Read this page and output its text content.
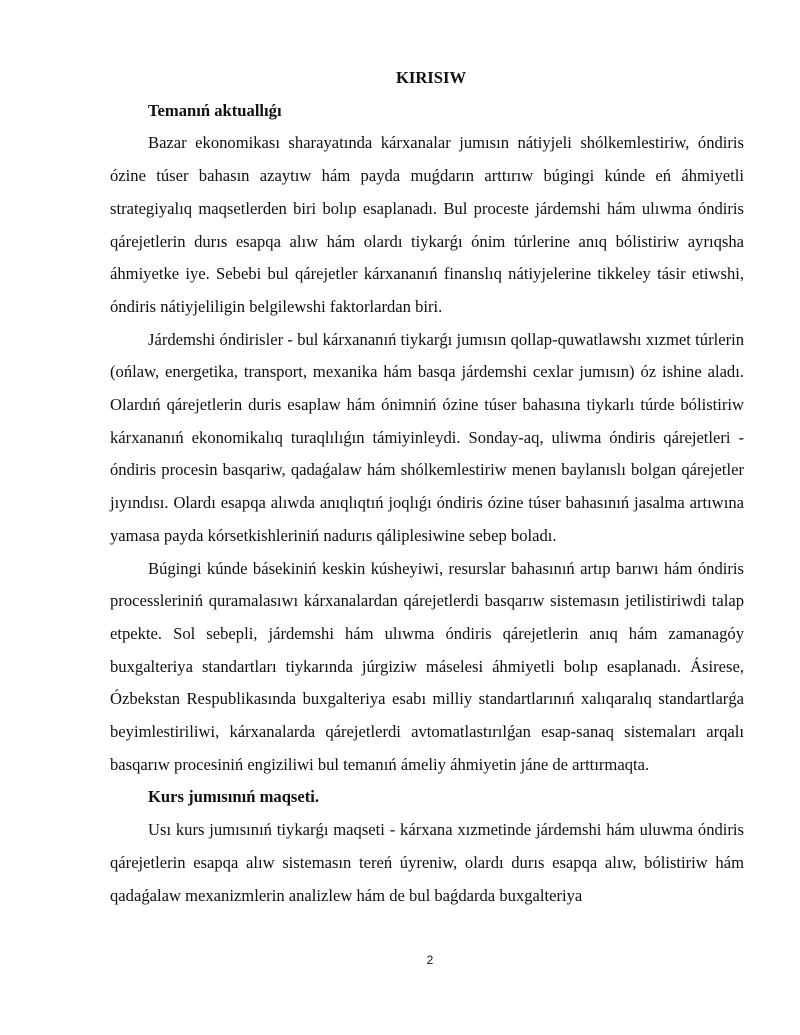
KIRISIW

Temanıń aktuallıǵı

Bazar ekonomikası sharayatında kárxanalar jumısın nátiyjeli shólkemlestiriw, óndiris ózine túser bahasın azaytıw hám payda muǵdarın arttırıw búgingi kúnde eń áhmiyetli strategiyalıq maqsetlerden biri bolıp esaplanadı. Bul proceste járdemshi hám ulıwma óndiris qárejetlerin durıs esapqa alıw hám olardı tiykarǵı ónim túrlerine anıq bólistiriw ayrıqsha áhmiyetke iye. Sebebi bul qárejetler kárxananıń finanslıq nátiyjelerine tikkeley tásir etiwshi, óndiris nátiyjeliligin belgilewshi faktorlardan biri.

Járdemshi óndirisler - bul kárxananıń tiykarǵı jumısın qollap-quwatlawshı xızmet túrlerin (ońlaw, energetika, transport, mexanika hám basqa járdemshi cexlar jumısın) óz ishine aladı. Olardıń qárejetlerin duris esaplaw hám ónimniń ózine túser bahasına tiykarlı túrde bólistiriw kárxananıń ekonomikalıq turaqlılıǵın támiyinleydi. Sonday-aq, uliwma óndiris qárejetleri - óndiris procesin basqariw, qadaǵalaw hám shólkemlestiriw menen baylanıslı bolgan qárejetler jıyındısı. Olardı esapqa alıwda anıqlıqtıń joqlıǵı óndiris ózine túser bahasınıń jasalma artıwına yamasa payda kórsetkishleriniń nadurıs qáliplesiwine sebep boladı.

Búgingi kúnde básekiniń keskin kúsheyiwi, resurslar bahasınıń artıp barıwı hám óndiris processleriniń quramalasıwı kárxanalardan qárejetlerdi basqarıw sistemasın jetilistiriwdi talap etpekte. Sol sebepli, járdemshi hám ulıwma óndiris qárejetlerin anıq hám zamanagóy buxgalteriya standartları tiykarında júrgiziw máselesi áhmiyetli bolıp esaplanadı. Ásirese, Ózbekstan Respublikasında buxgalteriya esabı milliy standartlarınıń xalıqaralıq standartlarǵa beyimlestiriliwi, kárxanalarda qárejetlerdi avtomatlastırılǵan esap-sanaq sistemaları arqalı basqarıw procesiniń engiziliwi bul temanıń ámeliy áhmiyetin jáne de arttırmaqta.

Kurs jumısınıń maqseti.

Usı kurs jumısınıń tiykarǵı maqseti - kárxana xızmetinde járdemshi hám uluwma óndiris qárejetlerin esapqa alıw sistemasın tereń úyreniw, olardı durıs esapqa alıw, bólistiriw hám qadaǵalaw mexanizmlerin analizlew hám de bul baǵdarda buxgalteriya

2
